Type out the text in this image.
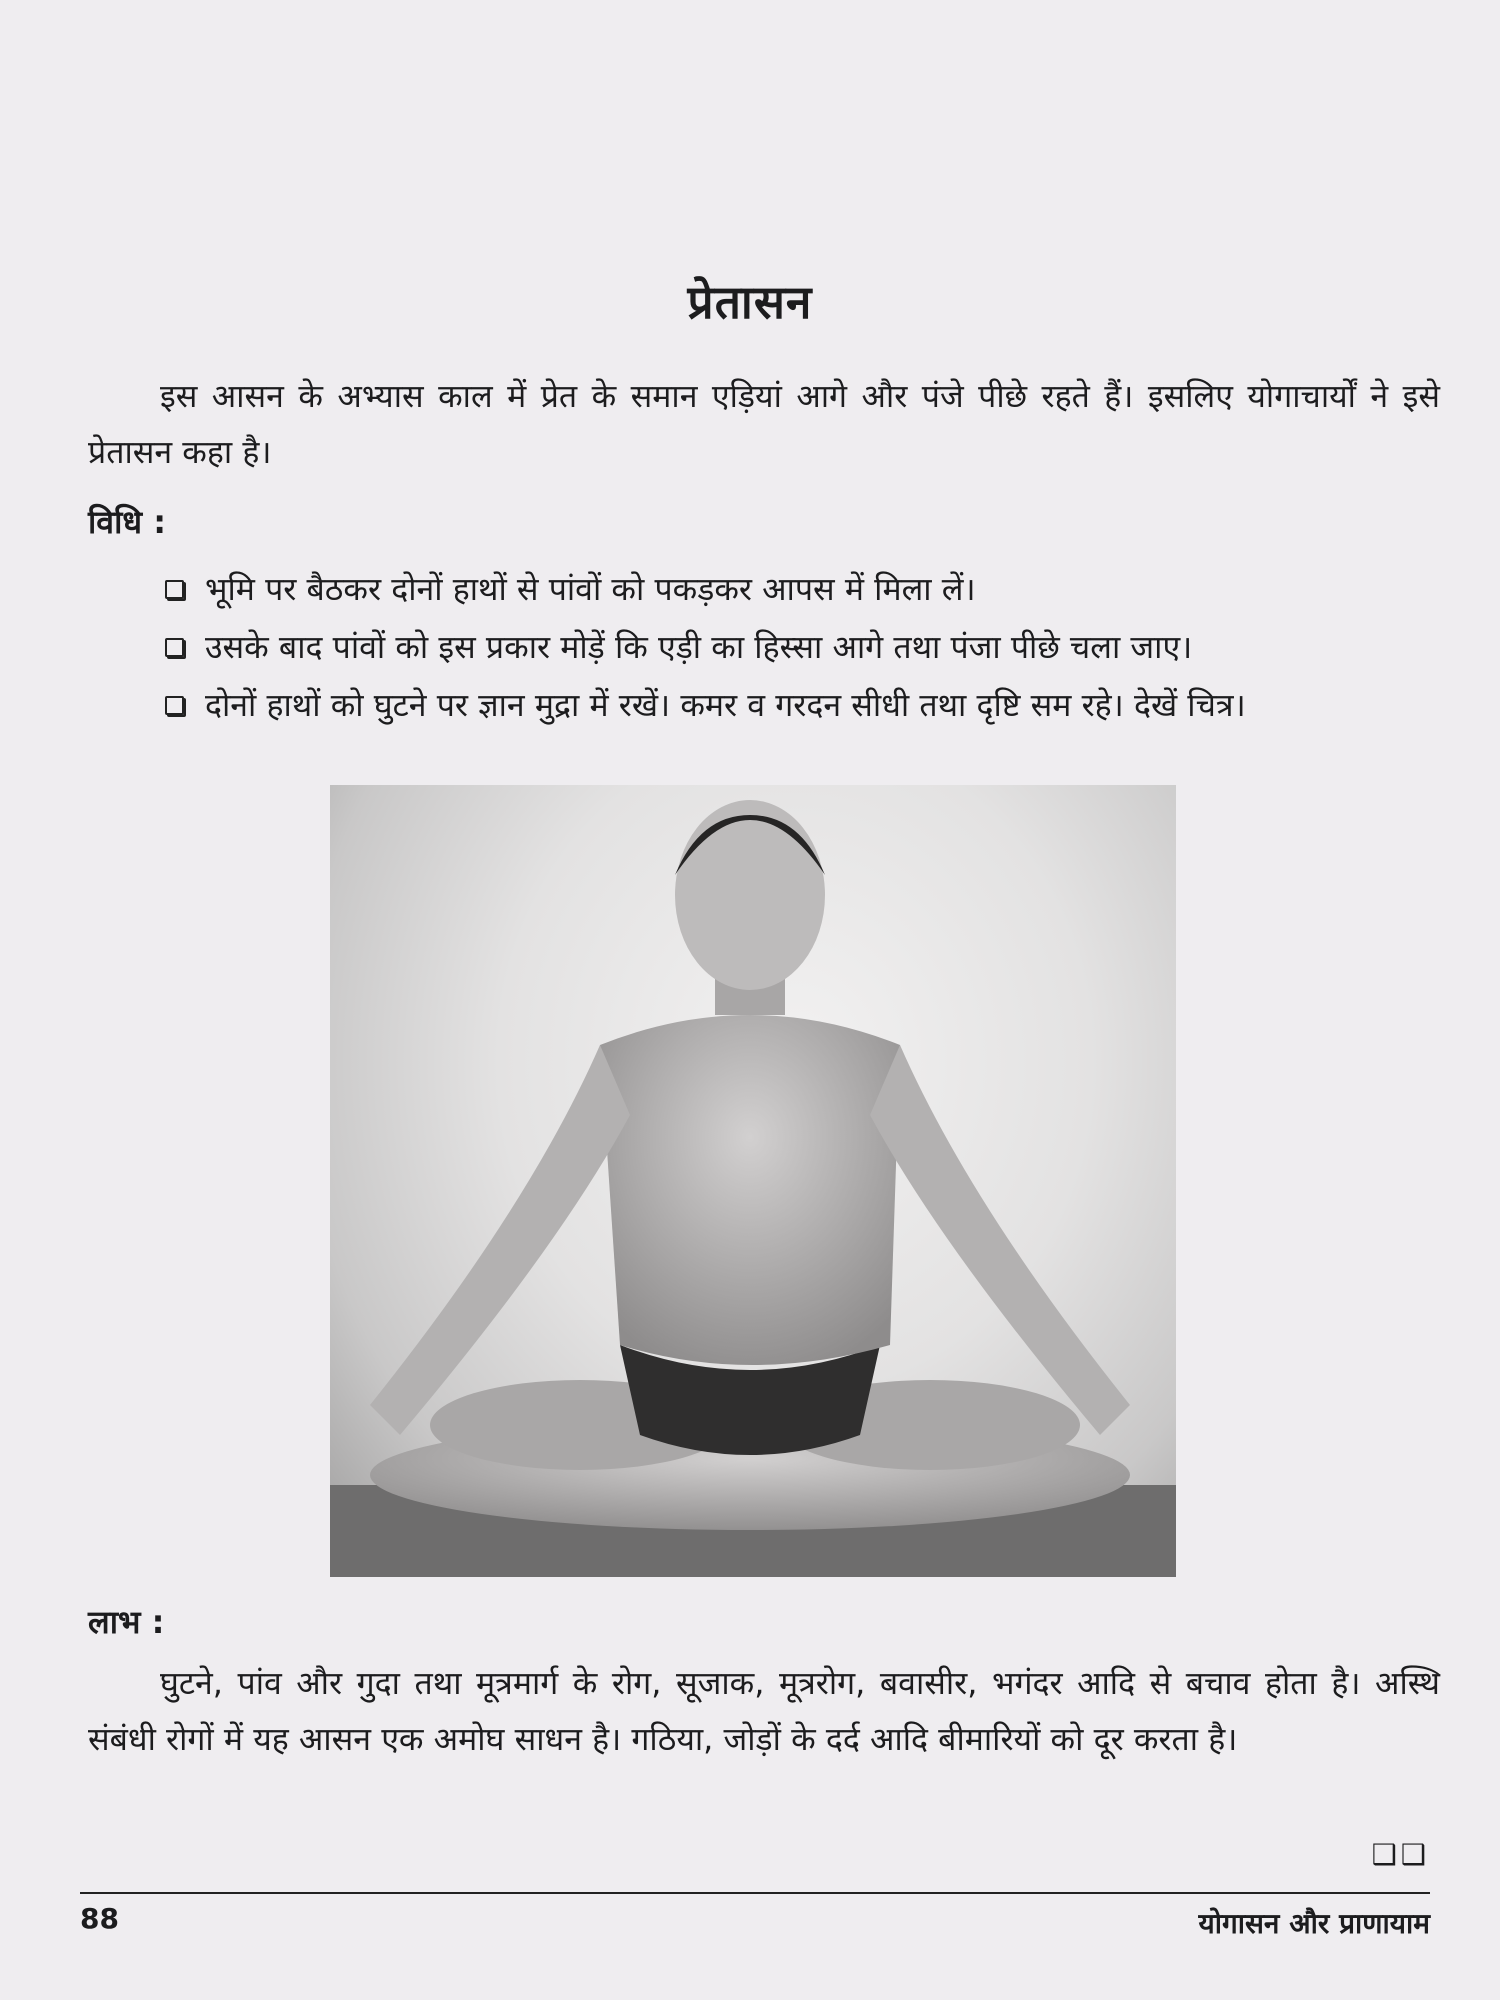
प्रेतासन
इस आसन के अभ्यास काल में प्रेत के समान एड़ियां आगे और पंजे पीछे रहते हैं। इसलिए योगाचार्यों ने इसे प्रेतासन कहा है।
विधि :
भूमि पर बैठकर दोनों हाथों से पांवों को पकड़कर आपस में मिला लें।
उसके बाद पांवों को इस प्रकार मोड़ें कि एड़ी का हिस्सा आगे तथा पंजा पीछे चला जाए।
दोनों हाथों को घुटने पर ज्ञान मुद्रा में रखें। कमर व गरदन सीधी तथा दृष्टि सम रहे। देखें चित्र।
लाभ :
घुटने, पांव और गुदा तथा मूत्रमार्ग के रोग, सूजाक, मूत्ररोग, बवासीर, भगंदर आदि से बचाव होता है। अस्थि संबंधी रोगों में यह आसन एक अमोघ साधन है। गठिया, जोड़ों के दर्द आदि बीमारियों को दूर करता है।
❑❑
88	योगासन और प्राणायाम
